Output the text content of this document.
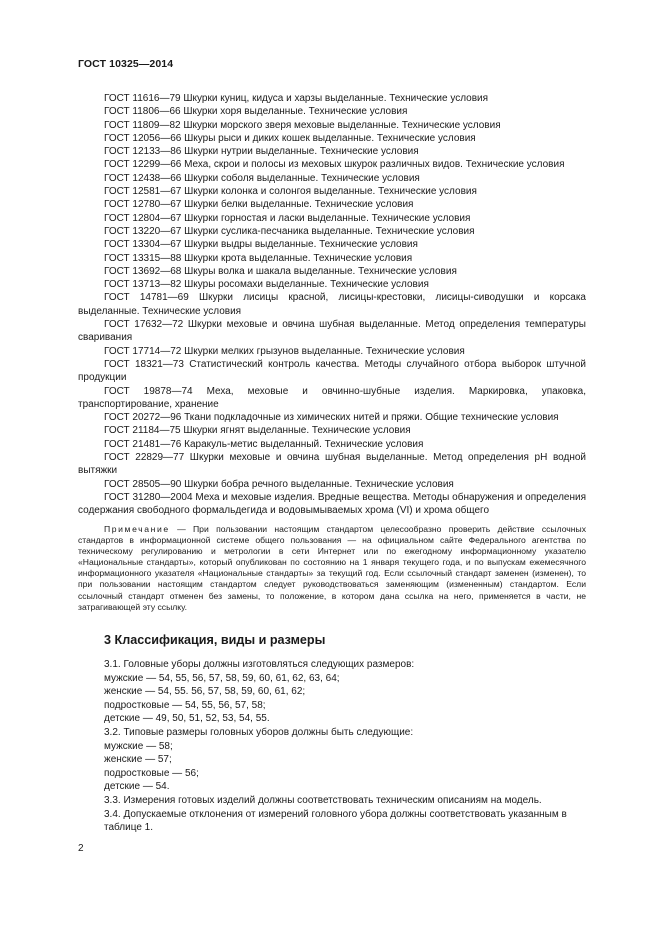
ГОСТ 10325—2014
ГОСТ 11616—79 Шкурки куниц, кидуса и харзы выделанные. Технические условия
ГОСТ 11806—66 Шкурки хоря выделанные. Технические условия
ГОСТ 11809—82 Шкурки морского зверя меховые выделанные. Технические условия
ГОСТ 12056—66 Шкуры рыси и диких кошек выделанные. Технические условия
ГОСТ 12133—86 Шкурки нутрии выделанные. Технические условия
ГОСТ 12299—66 Меха, скрои и полосы из меховых шкурок различных видов. Технические условия
ГОСТ 12438—66 Шкурки соболя выделанные. Технические условия
ГОСТ 12581—67 Шкурки колонка и солонгоя выделанные. Технические условия
ГОСТ 12780—67 Шкурки белки выделанные. Технические условия
ГОСТ 12804—67 Шкурки горностая и ласки выделанные. Технические условия
ГОСТ 13220—67 Шкурки суслика-песчаника выделанные. Технические условия
ГОСТ 13304—67 Шкурки выдры выделанные. Технические условия
ГОСТ 13315—88 Шкурки крота выделанные. Технические условия
ГОСТ 13692—68 Шкуры волка и шакала выделанные. Технические условия
ГОСТ 13713—82 Шкуры росомахи выделанные. Технические условия
ГОСТ 14781—69 Шкурки лисицы красной, лисицы-крестовки, лисицы-сиводушки и корсака выделанные. Технические условия
ГОСТ 17632—72 Шкурки меховые и овчина шубная выделанные. Метод определения температуры сваривания
ГОСТ 17714—72 Шкурки мелких грызунов выделанные. Технические условия
ГОСТ 18321—73 Статистический контроль качества. Методы случайного отбора выборок штучной продукции
ГОСТ 19878—74 Меха, меховые и овчинно-шубные изделия. Маркировка, упаковка, транспортирование, хранение
ГОСТ 20272—96 Ткани подкладочные из химических нитей и пряжи. Общие технические условия
ГОСТ 21184—75 Шкурки ягнят выделанные. Технические условия
ГОСТ 21481—76 Каракуль-метис выделанный. Технические условия
ГОСТ 22829—77 Шкурки меховые и овчина шубная выделанные. Метод определения pH водной вытяжки
ГОСТ 28505—90 Шкурки бобра речного выделанные. Технические условия
ГОСТ 31280—2004 Меха и меховые изделия. Вредные вещества. Методы обнаружения и определения содержания свободного формальдегида и водовымываемых хрома (VI) и хрома общего

Примечание — При пользовании настоящим стандартом целесообразно проверить действие ссылочных стандартов в информационной системе общего пользования — на официальном сайте Федерального агентства по техническому регулированию и метрологии в сети Интернет или по ежегодному информационному указателю «Национальные стандарты», который опубликован по состоянию на 1 января текущего года, и по выпускам ежемесячного информационного указателя «Национальные стандарты» за текущий год. Если ссылочный стандарт заменен (изменен), то при пользовании настоящим стандартом следует руководствоваться заменяющим (измененным) стандартом. Если ссылочный стандарт отменен без замены, то положение, в котором дана ссылка на него, применяется в части, не затрагивающей эту ссылку.

3 Классификация, виды и размеры
3.1. Головные уборы должны изготовляться следующих размеров:
мужские — 54, 55, 56, 57, 58, 59, 60, 61, 62, 63, 64;
женские — 54, 55. 56, 57, 58, 59, 60, 61, 62;
подростковые — 54, 55, 56, 57, 58;
детские — 49, 50, 51, 52, 53, 54, 55.
3.2. Типовые размеры головных уборов должны быть следующие:
мужские — 58;
женские — 57;
подростковые — 56;
детские — 54.
3.3. Измерения готовых изделий должны соответствовать техническим описаниям на модель.
3.4. Допускаемые отклонения от измерений головного убора должны соответствовать указанным в таблице 1.
2
